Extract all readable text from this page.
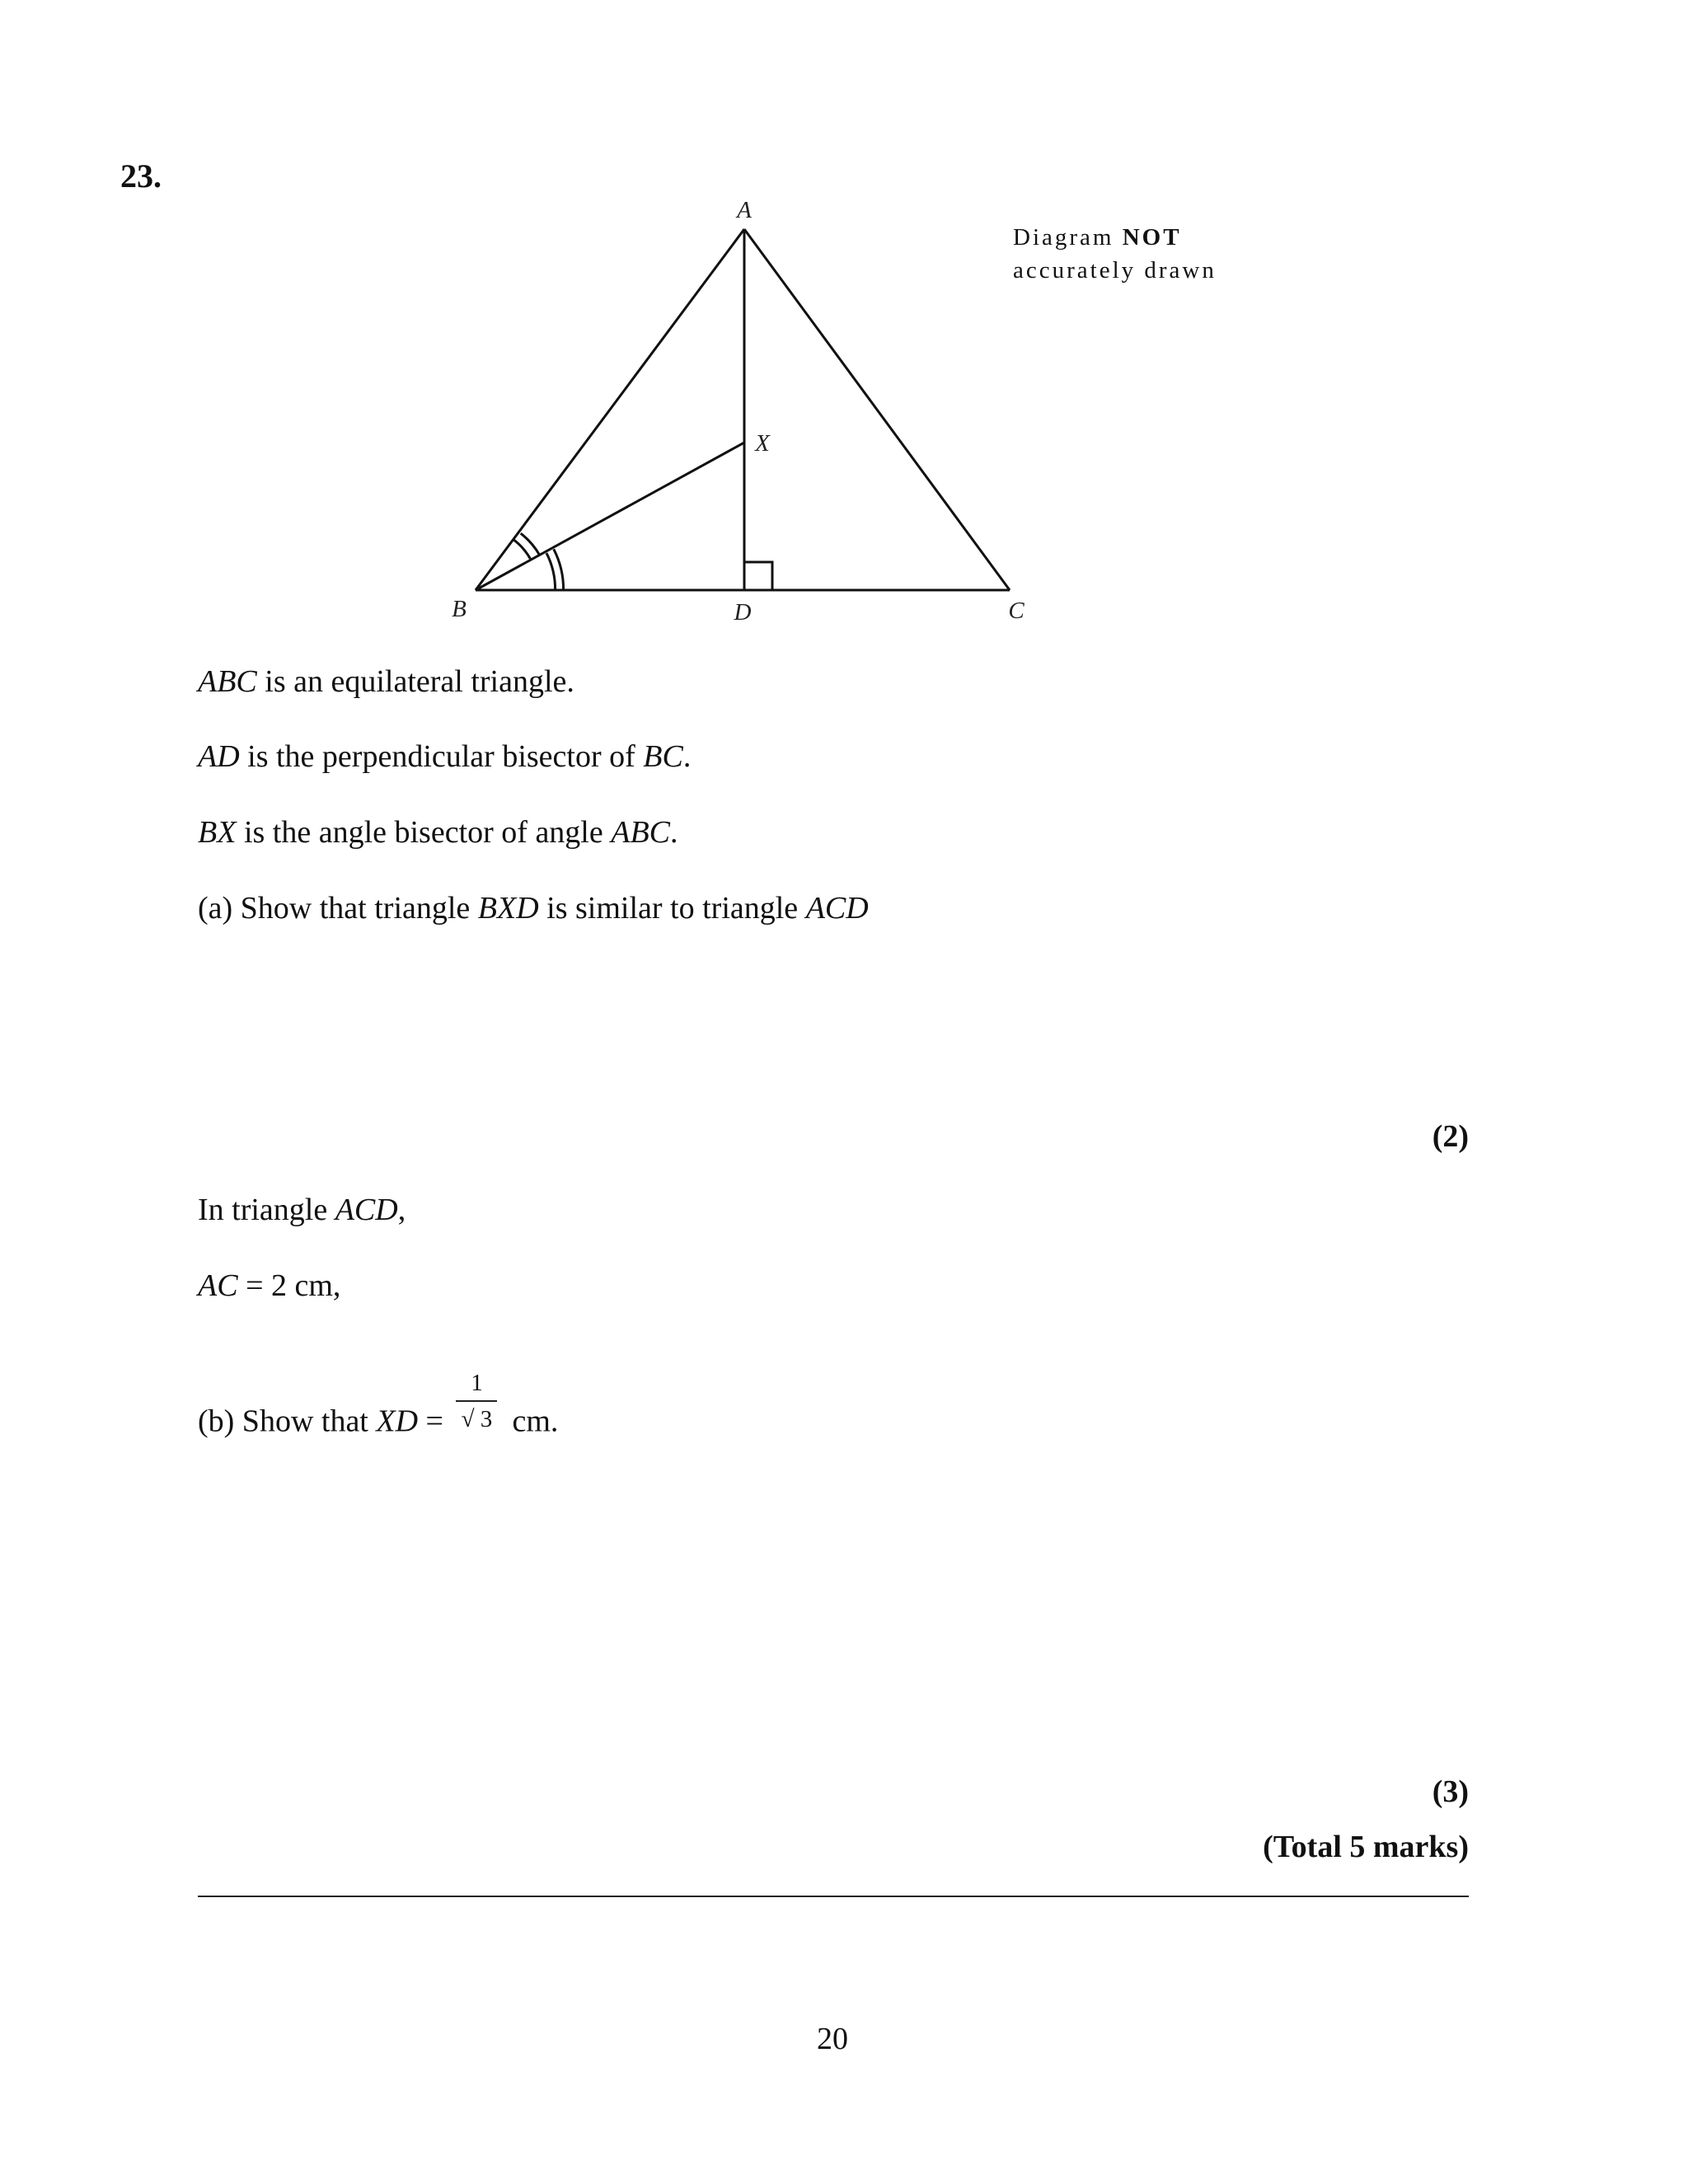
23.
A
B	C
D
X
Diagram NOT
accurately drawn
ABC is an equilateral triangle.
AD is the perpendicular bisector of BC.
BX is the angle bisector of angle ABC.
(a) Show that triangle BXD is similar to triangle ACD
(2)
In triangle ACD,
AC = 2 cm,
(b) Show that XD = $\frac{1}{√ 3}$ cm.
(3)
(Total 5 marks)
20
